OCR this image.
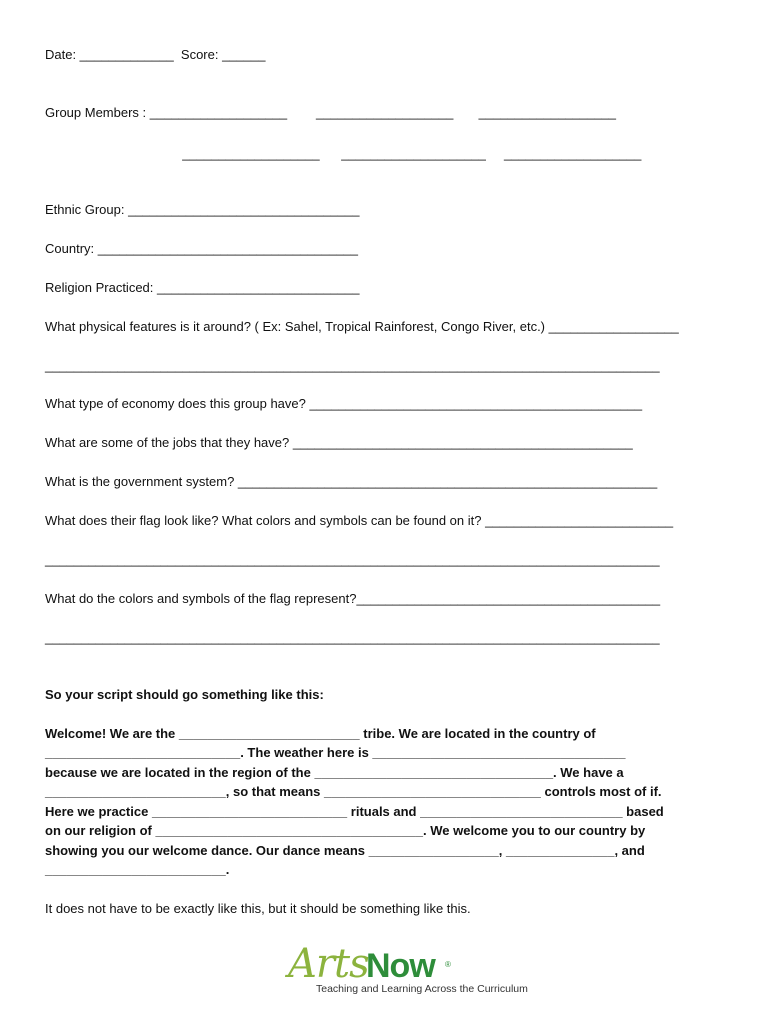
Date: _____________  Score: ______
Group Members : ___________________        ___________________       ___________________
___________________      ____________________     ___________________
Ethnic Group: ________________________________
Country: ____________________________________
Religion Practiced: ____________________________
What physical features is it around? ( Ex: Sahel, Tropical Rainforest, Congo River, etc.) __________________
_____________________________________________________________________________________
What type of economy does this group have? ______________________________________________
What are some of the jobs that they have? _______________________________________________
What is the government system? __________________________________________________________
What does their flag look like? What colors and symbols can be found on it? __________________________
_____________________________________________________________________________________
What do the colors and symbols of the flag represent?__________________________________________
_____________________________________________________________________________________
So your script should go something like this:
Welcome! We are the _________________________ tribe. We are located in the country of
___________________________. The weather here is ___________________________________
because we are located in the region of the _________________________________. We have a
_________________________, so that means ______________________________ controls most of if.
Here we practice ___________________________ rituals and ____________________________ based
on our religion of _____________________________________. We welcome you to our country by
showing you our welcome dance. Our dance means __________________, _______________, and
_________________________.
It does not have to be exactly like this, but it should be something like this.
Arts
Now ®
Teaching and Learning Across the Curriculum
